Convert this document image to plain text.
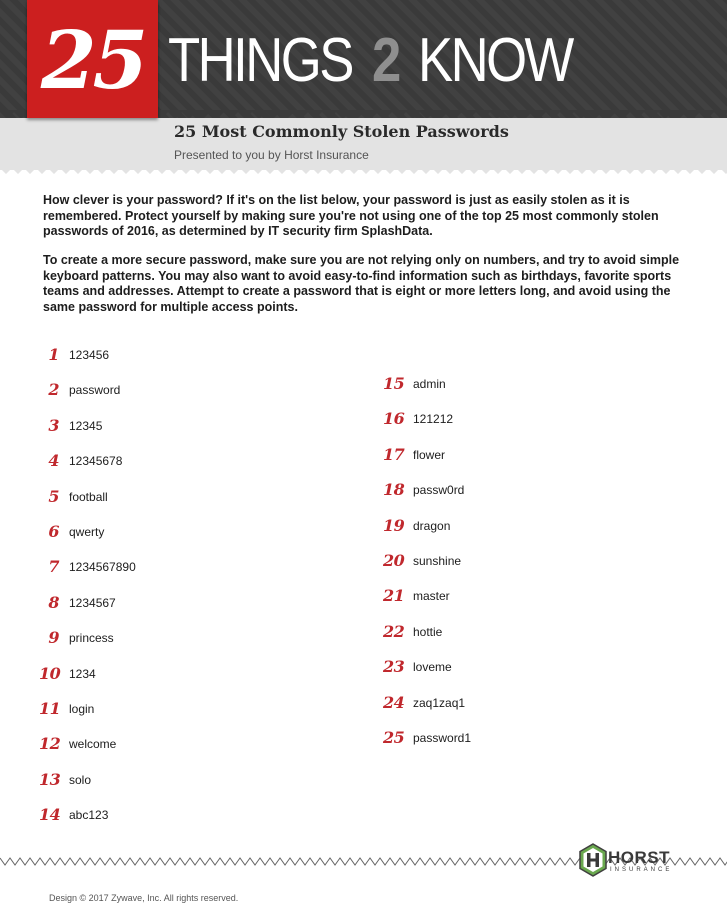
25 THINGS 2 KNOW
25 Most Commonly Stolen Passwords
Presented to you by Horst Insurance

How clever is your password? If it's on the list below, your password is just as easily stolen as it is remembered. Protect yourself by making sure you're not using one of the top 25 most commonly stolen passwords of 2016, as determined by IT security firm SplashData.

To create a more secure password, make sure you are not relying only on numbers, and try to avoid simple keyboard patterns. You may also want to avoid easy-to-find information such as birthdays, favorite sports teams and addresses. Attempt to create a password that is eight or more letters long, and avoid using the same password for multiple access points.

1 123456
2 password
3 12345
4 12345678
5 football
6 qwerty
7 1234567890
8 1234567
9 princess
10 1234
11 login
12 welcome
13 solo
14 abc123
15 admin
16 121212
17 flower
18 passw0rd
19 dragon
20 sunshine
21 master
22 hottie
23 loveme
24 zaq1zaq1
25 password1
HORST
INSURANCE
Design © 2017 Zywave, Inc. All rights reserved.
